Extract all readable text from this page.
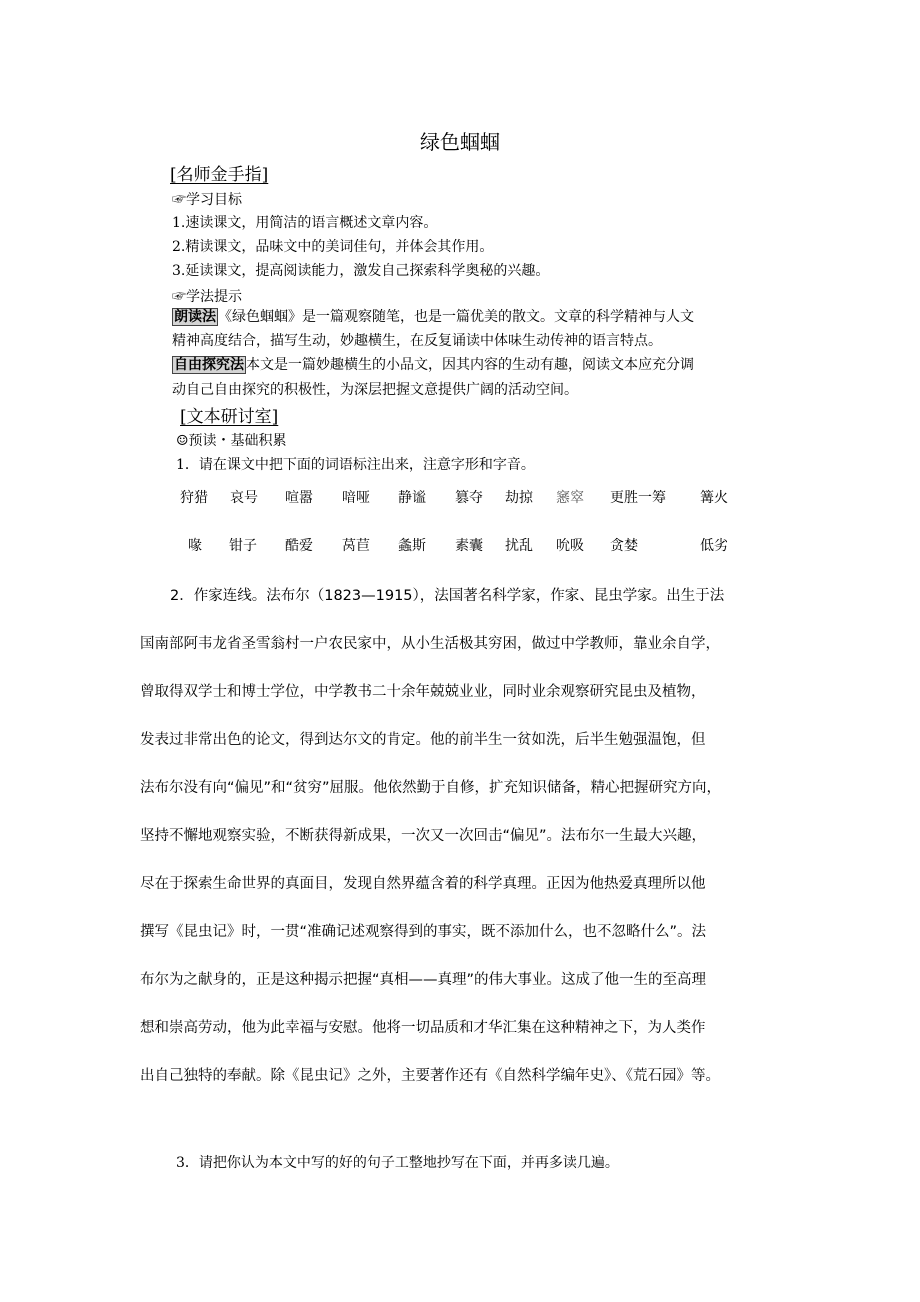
绿色蝈蝈
[名师金手指]
☞学习目标
1.速读课文，用简洁的语言概述文章内容。
2.精读课文，品味文中的美词佳句，并体会其作用。
3.延读课文，提高阅读能力，激发自己探索科学奥秘的兴趣。
☞学法提示
朗读法 《绿色蝈蝈》是一篇观察随笔，也是一篇优美的散文。文章的科学精神与人文
精神高度结合，描写生动，妙趣横生，在反复诵读中体味生动传神的语言特点。
自由探究法 本文是一篇妙趣横生的小品文，因其内容的生动有趣，阅读文本应充分调
动自己自由探究的积极性，为深层把握文意提供广阔的活动空间。
[文本研讨室]
☺预读・基础积累
1．请在课文中把下面的词语标注出来，注意字形和字音。
狩猎 哀号 喧嚣 喑哑 静谧 篡夺 劫掠 窸窣 更胜一筹 篝火
喙 钳子 酷爱 莴苣 螽斯 素囊 扰乱 吮吸 贪婪	低劣
2．作家连线。法布尔（1823—1915），法国著名科学家，作家、昆虫学家。出生于法
国南部阿韦龙省圣雪翁村一户农民家中，从小生活极其穷困，做过中学教师，靠业余自学，
曾取得双学士和博士学位，中学教书二十余年兢兢业业，同时业余观察研究昆虫及植物，
发表过非常出色的论文，得到达尔文的肯定。他的前半生一贫如洗，后半生勉强温饱，但
法布尔没有向“偏见”和“贫穷”屈服。他依然勤于自修，扩充知识储备，精心把握研究方向，
坚持不懈地观察实验，不断获得新成果，一次又一次回击“偏见”。法布尔一生最大兴趣，
尽在于探索生命世界的真面目，发现自然界蕴含着的科学真理。正因为他热爱真理所以他
撰写《昆虫记》时，一贯“准确记述观察得到的事实，既不添加什么，也不忽略什么”。法
布尔为之献身的，正是这种揭示把握“真相——真理”的伟大事业。这成了他一生的至高理
想和崇高劳动，他为此幸福与安慰。他将一切品质和才华汇集在这种精神之下，为人类作
出自己独特的奉献。除《昆虫记》之外，主要著作还有《自然科学编年史》、《荒石园》等。
3．请把你认为本文中写的好的句子工整地抄写在下面，并再多读几遍。
